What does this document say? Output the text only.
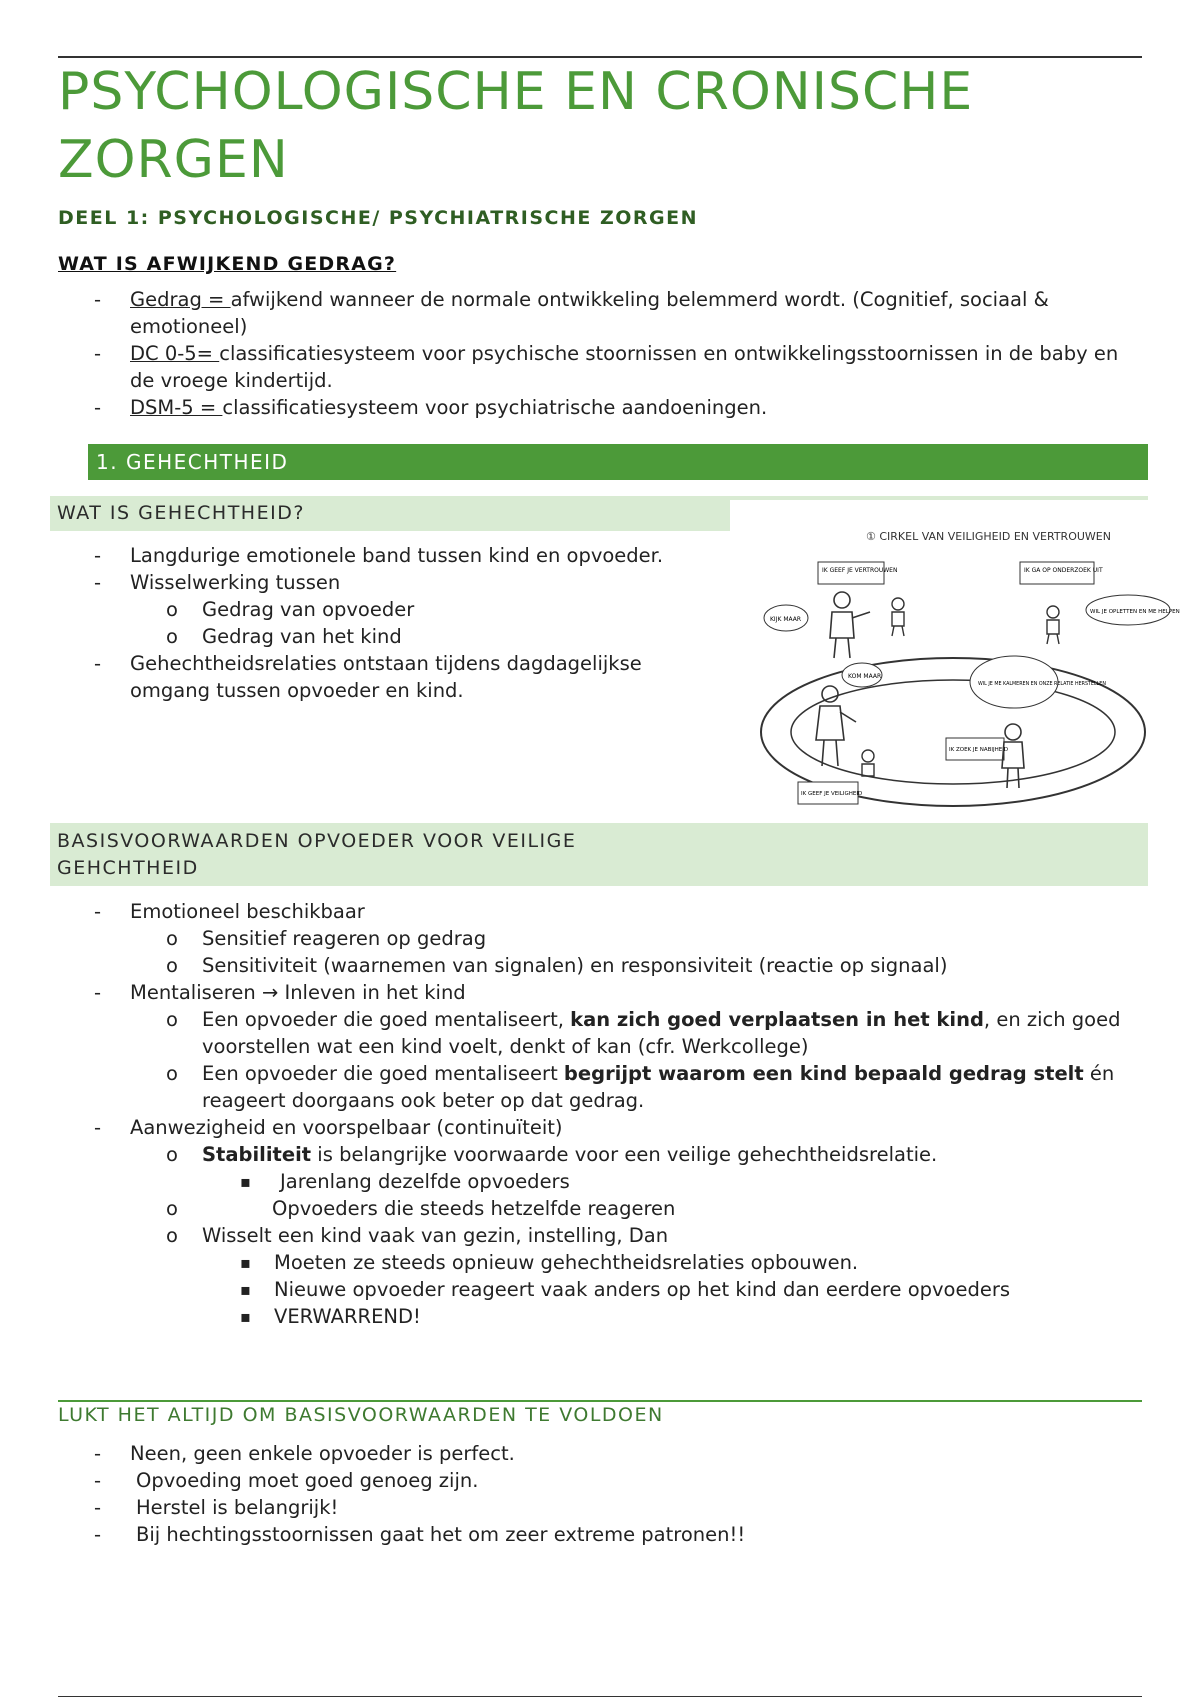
PSYCHOLOGISCHE EN CRONISCHE ZORGEN
DEEL 1: PSYCHOLOGISCHE/ PSYCHIATRISCHE ZORGEN
WAT IS AFWIJKEND GEDRAG?
- Gedrag = afwijkend wanneer de normale ontwikkeling belemmerd wordt. (Cognitief, sociaal & emotioneel)
- DC 0-5= classificatiesysteem voor psychische stoornissen en ontwikkelingsstoornissen in de baby en de vroege kindertijd.
- DSM-5 = classificatiesysteem voor psychiatrische aandoeningen.
1. GEHECHTHEID
WAT IS GEHECHTHEID?
- Langdurige emotionele band tussen kind en opvoeder.
- Wisselwerking tussen
o Gedrag van opvoeder
o Gedrag van het kind
- Gehechtheidsrelaties ontstaan tijdens dagdagelijkse omgang tussen opvoeder en kind.
① CIRKEL VAN VEILIGHEID EN VERTROUWEN
IK GEEF JE VERTROUWEN	IK GA OP ONDERZOEK UIT
KIJK MAAR
WIL JE OPLETTEN EN ME HELPEN
KOM MAAR
WIL JE ME KALMEREN EN ONZE RELATIE HERSTELLEN
IK ZOEK JE NABIJHEID
IK GEEF JE VEILIGHEID
BASISVOORWAARDEN OPVOEDER VOOR VEILIGE GEHCHTHEID
- Emotioneel beschikbaar
o Sensitief reageren op gedrag
o Sensitiviteit (waarnemen van signalen) en responsiviteit (reactie op signaal)
- Mentaliseren → Inleven in het kind
o Een opvoeder die goed mentaliseert, kan zich goed verplaatsen in het kind, en zich goed voorstellen wat een kind voelt, denkt of kan (cfr. Werkcollege)
o Een opvoeder die goed mentaliseert begrijpt waarom een kind bepaald gedrag stelt én reageert doorgaans ook beter op dat gedrag.
- Aanwezigheid en voorspelbaar (continuïteit)
o Stabiliteit is belangrijke voorwaarde voor een veilige gehechtheidsrelatie.
▪ Jarenlang dezelfde opvoeders
o Opvoeders die steeds hetzelfde reageren
o Wisselt een kind vaak van gezin, instelling, Dan
▪ Moeten ze steeds opnieuw gehechtheidsrelaties opbouwen.
▪ Nieuwe opvoeder reageert vaak anders op het kind dan eerdere opvoeders
▪ VERWARREND!
LUKT HET ALTIJD OM BASISVOORWAARDEN TE VOLDOEN
- Neen, geen enkele opvoeder is perfect.
- Opvoeding moet goed genoeg zijn.
- Herstel is belangrijk!
- Bij hechtingsstoornissen gaat het om zeer extreme patronen!!
